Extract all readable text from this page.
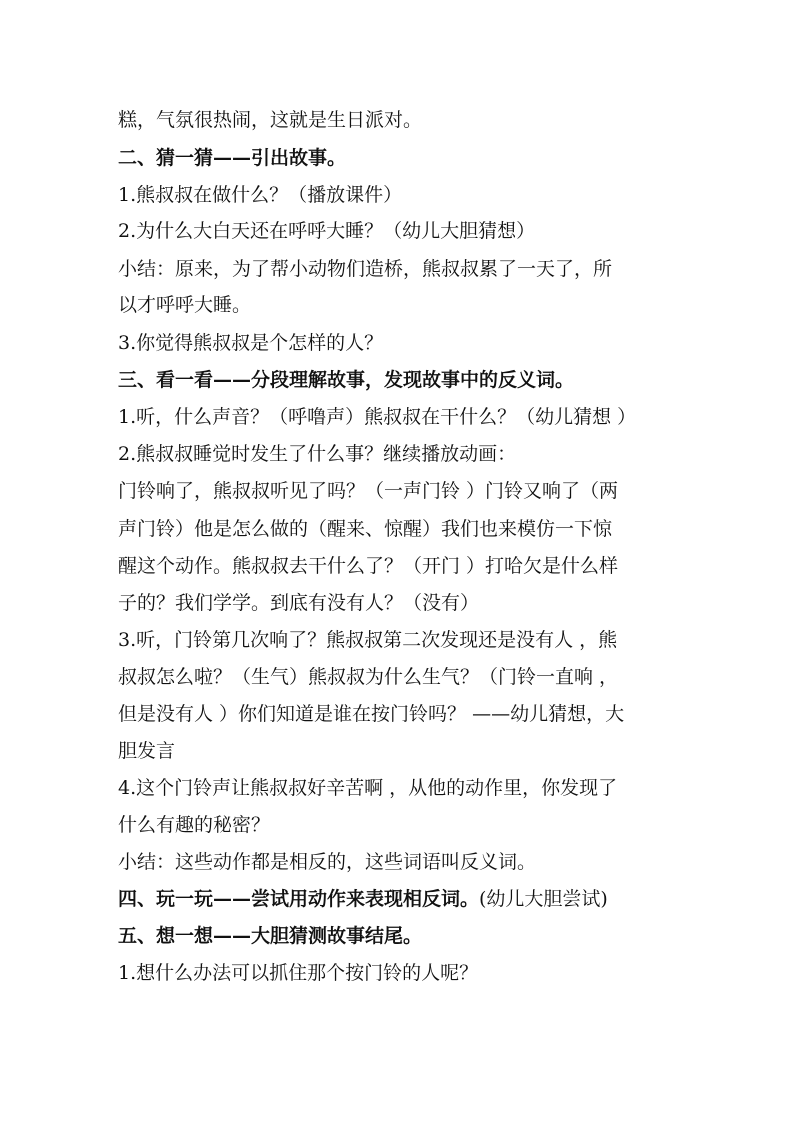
糕，气氛很热闹，这就是生日派对。
二、猜一猜——引出故事。
1.熊叔叔在做什么？（播放课件）
2.为什么大白天还在呼呼大睡？（幼儿大胆猜想）
小结：原来，为了帮小动物们造桥，熊叔叔累了一天了，所
以才呼呼大睡。
3.你觉得熊叔叔是个怎样的人？
三、看一看——分段理解故事，发现故事中的反义词。
1.听，什么声音？（呼噜声）熊叔叔在干什么？（幼儿猜想 ）
2.熊叔叔睡觉时发生了什么事？继续播放动画：
门铃响了，熊叔叔听见了吗？（一声门铃 ）门铃又响了（两
声门铃）他是怎么做的（醒来、惊醒）我们也来模仿一下惊
醒这个动作。熊叔叔去干什么了？（开门 ）打哈欠是什么样
子的？我们学学。到底有没有人？（没有）
3.听，门铃第几次响了？熊叔叔第二次发现还是没有人 ，熊
叔叔怎么啦？（生气）熊叔叔为什么生气？（门铃一直响 ，
但是没有人 ）你们知道是谁在按门铃吗？ ——幼儿猜想，大
胆发言
4.这个门铃声让熊叔叔好辛苦啊 ，从他的动作里，你发现了
什么有趣的秘密？
小结：这些动作都是相反的，这些词语叫反义词。
四、玩一玩——尝试用动作来表现相反词。(幼儿大胆尝试)
五、想一想——大胆猜测故事结尾。
1.想什么办法可以抓住那个按门铃的人呢？
